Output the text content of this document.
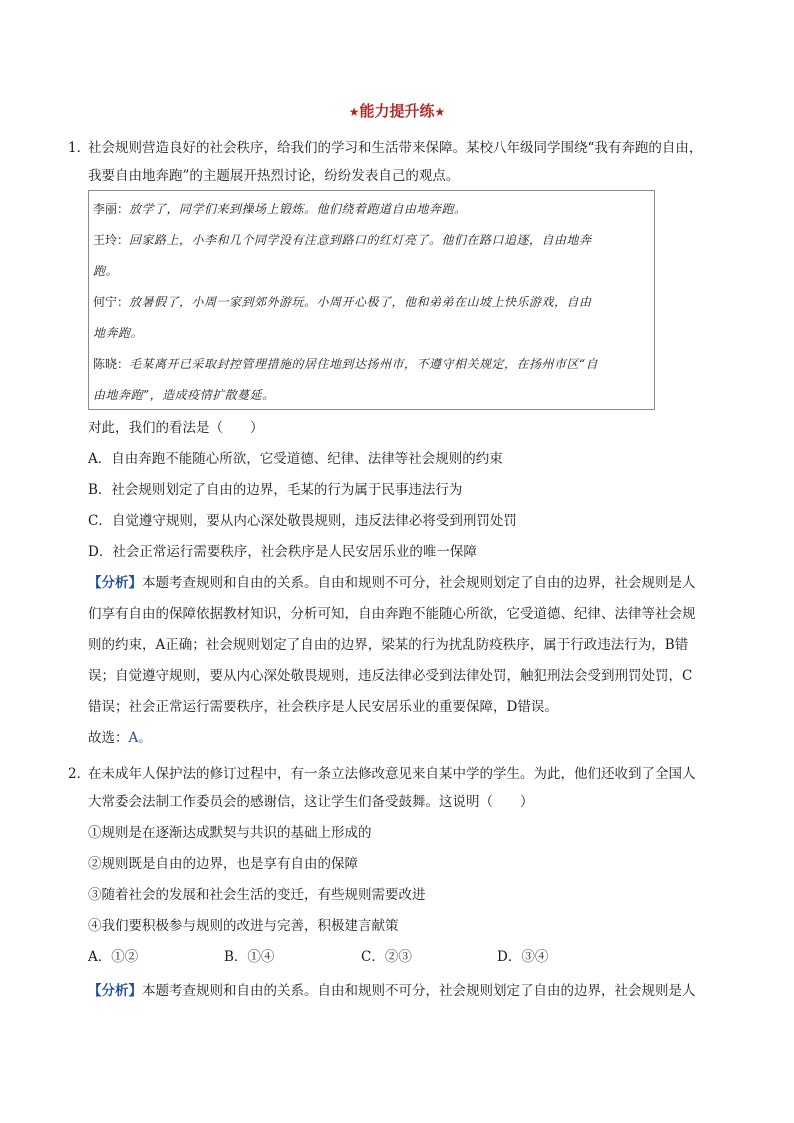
★能力提升练★
1．
社会规则营造良好的社会秩序，给我们的学习和生活带来保障。某校八年级同学围绕“我有奔跑的自由，
我要自由地奔跑”的主题展开热烈讨论，纷纷发表自己的观点。
李丽：放学了，同学们来到操场上锻炼。他们绕着跑道自由地奔跑。
王玲：回家路上，小李和几个同学没有注意到路口的红灯亮了。他们在路口追逐，自由地奔
跑。
何宁：放暑假了，小周一家到郊外游玩。小周开心极了，他和弟弟在山坡上快乐游戏，自由
地奔跑。
陈晓：毛某离开已采取封控管理措施的居住地到达扬州市，不遵守相关规定，在扬州市区“自
由地奔跑”，造成疫情扩散蔓延。
对此，我们的看法是（　　）
A．自由奔跑不能随心所欲，它受道德、纪律、法律等社会规则的约束
B．社会规则划定了自由的边界，毛某的行为属于民事违法行为
C．自觉遵守规则，要从内心深处敬畏规则，违反法律必将受到刑罚处罚
D．社会正常运行需要秩序，社会秩序是人民安居乐业的唯一保障
【分析】本题考查规则和自由的关系。自由和规则不可分，社会规则划定了自由的边界，社会规则是人
们享有自由的保障依据教材知识，分析可知，自由奔跑不能随心所欲，它受道德、纪律、法律等社会规
则的约束，A正确；社会规则划定了自由的边界，梁某的行为扰乱防疫秩序，属于行政违法行为，B错
误；自觉遵守规则，要从内心深处敬畏规则，违反法律必受到法律处罚，触犯刑法会受到刑罚处罚，C
错误；社会正常运行需要秩序，社会秩序是人民安居乐业的重要保障，D错误。
故选：A。
2．
在未成年人保护法的修订过程中，有一条立法修改意见来自某中学的学生。为此，他们还收到了全国人
大常委会法制工作委员会的感谢信，这让学生们备受鼓舞。这说明（　　）
①规则是在逐渐达成默契与共识的基础上形成的
②规则既是自由的边界，也是享有自由的保障
③随着社会的发展和社会生活的变迁，有些规则需要改进
④我们要积极参与规则的改进与完善，积极建言献策
A．①②	B．①④	C．②③	D．③④
【分析】本题考查规则和自由的关系。自由和规则不可分，社会规则划定了自由的边界，社会规则是人
